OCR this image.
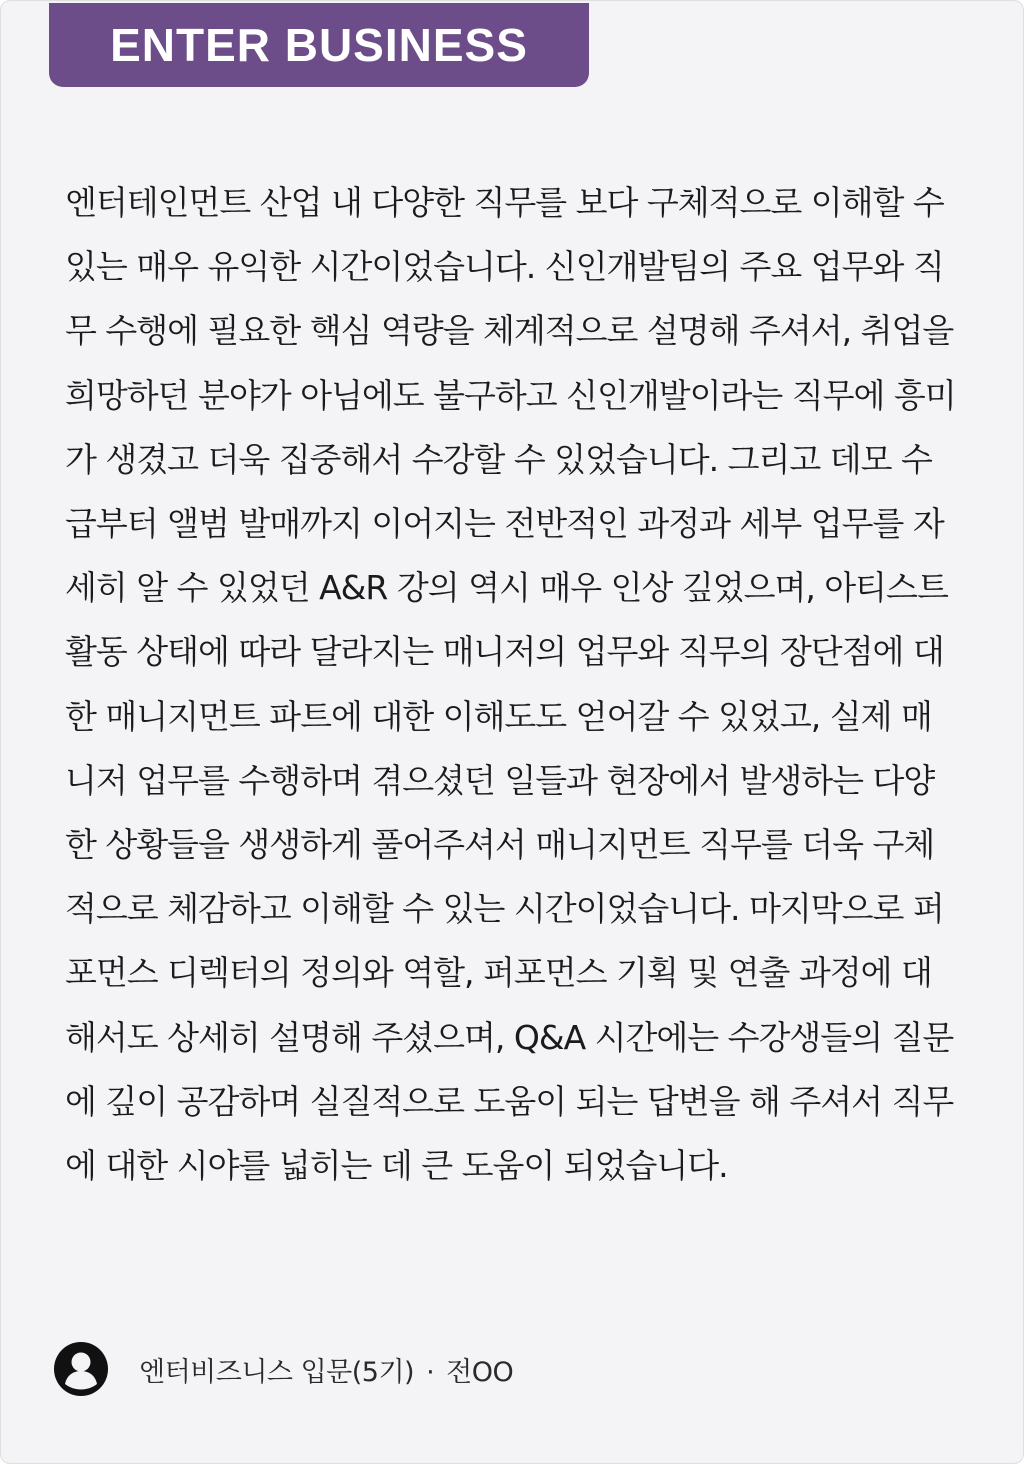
ENTER BUSINESS

엔터테인먼트 산업 내 다양한 직무를 보다 구체적으로 이해할 수 있는 매우 유익한 시간이었습니다. 신인개발팀의 주요 업무와 직무 수행에 필요한 핵심 역량을 체계적으로 설명해 주셔서, 취업을 희망하던 분야가 아님에도 불구하고 신인개발이라는 직무에 흥미가 생겼고 더욱 집중해서 수강할 수 있었습니다. 그리고 데모 수급부터 앨범 발매까지 이어지는 전반적인 과정과 세부 업무를 자세히 알 수 있었던 A&R 강의 역시 매우 인상 깊었으며, 아티스트 활동 상태에 따라 달라지는 매니저의 업무와 직무의 장단점에 대한 매니지먼트 파트에 대한 이해도도 얻어갈 수 있었고, 실제 매니저 업무를 수행하며 겪으셨던 일들과 현장에서 발생하는 다양한 상황들을 생생하게 풀어주셔서 매니지먼트 직무를 더욱 구체적으로 체감하고 이해할 수 있는 시간이었습니다. 마지막으로 퍼포먼스 디렉터의 정의와 역할, 퍼포먼스 기획 및 연출 과정에 대해서도 상세히 설명해 주셨으며, Q&A 시간에는 수강생들의 질문에 깊이 공감하며 실질적으로 도움이 되는 답변을 해 주셔서 직무에 대한 시야를 넓히는 데 큰 도움이 되었습니다.

엔터비즈니스 입문(5기) · 전OO
